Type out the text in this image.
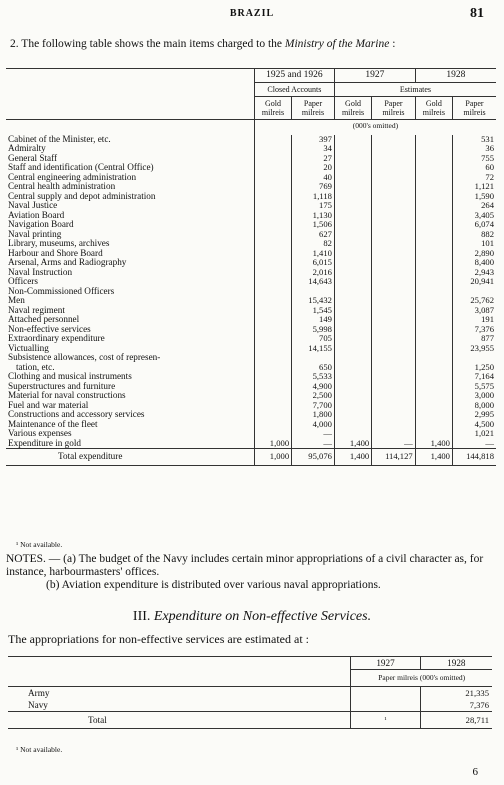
BRAZIL	81
2. The following table shows the main items charged to the Ministry of the Marine :
	1925 and 1926		1927		1928	
	Closed Accounts		Estimates			
	Gold milreis	Paper milreis	Gold milreis	Paper milreis	Gold milreis	Paper milreis
	(000's omitted)					
Cabinet of the Minister, etc.		397				531
Admiralty		34				36
General Staff		27				755
Staff and identification (Central Office)		20				60
Central engineering administration		40				72
Central health administration		769				1,121
Central supply and depot administration		1,118				1,590
Naval Justice		175				264
Aviation Board		1,130				3,405
Navigation Board		1,506				6,074
Naval printing		627				882
Library, museums, archives		82				101
Harbour and Shore Board		1,410				2,890
Arsenal, Arms and Radiography		6,015				8,400
Naval Instruction		2,016				2,943
Officers		14,643				20,941
Non-Commissioned Officers						
Men		15,432				25,762
Naval regiment		1,545				3,087
Attached personnel		149				191
Non-effective services		5,998				7,376
Extraordinary expenditure		705				877
Victualling		14,155				23,955
Subsistence allowances, cost of represen-						
tation, etc.		650				1,250
Clothing and musical instruments		5,533				7,164
Superstructures and furniture		4,900				5,575
Material for naval constructions		2,500				3,000
Fuel and war material		7,700				8,000
Constructions and accessory services		1,800				2,995
Maintenance of the fleet		4,000				4,500
Various expenses		—				1,021
Expenditure in gold	1,000	—	1,400	—	1,400	—
Total expenditure	1,000	95,076	1,400	114,127	1,400	144,818

¹ Not available.
NOTES. — (a) The budget of the Navy includes certain minor appropriations of a civil character as, for instance, harbourmasters' offices.
(b) Aviation expenditure is distributed over various naval appropriations.
III. Expenditure on Non-effective Services.
The appropriations for non-effective services are estimated at :
	1927	1928
	Paper milreis (000's omitted)	
Army		21,335
Navy		7,376
Total	¹	28,711
¹ Not available.
6
